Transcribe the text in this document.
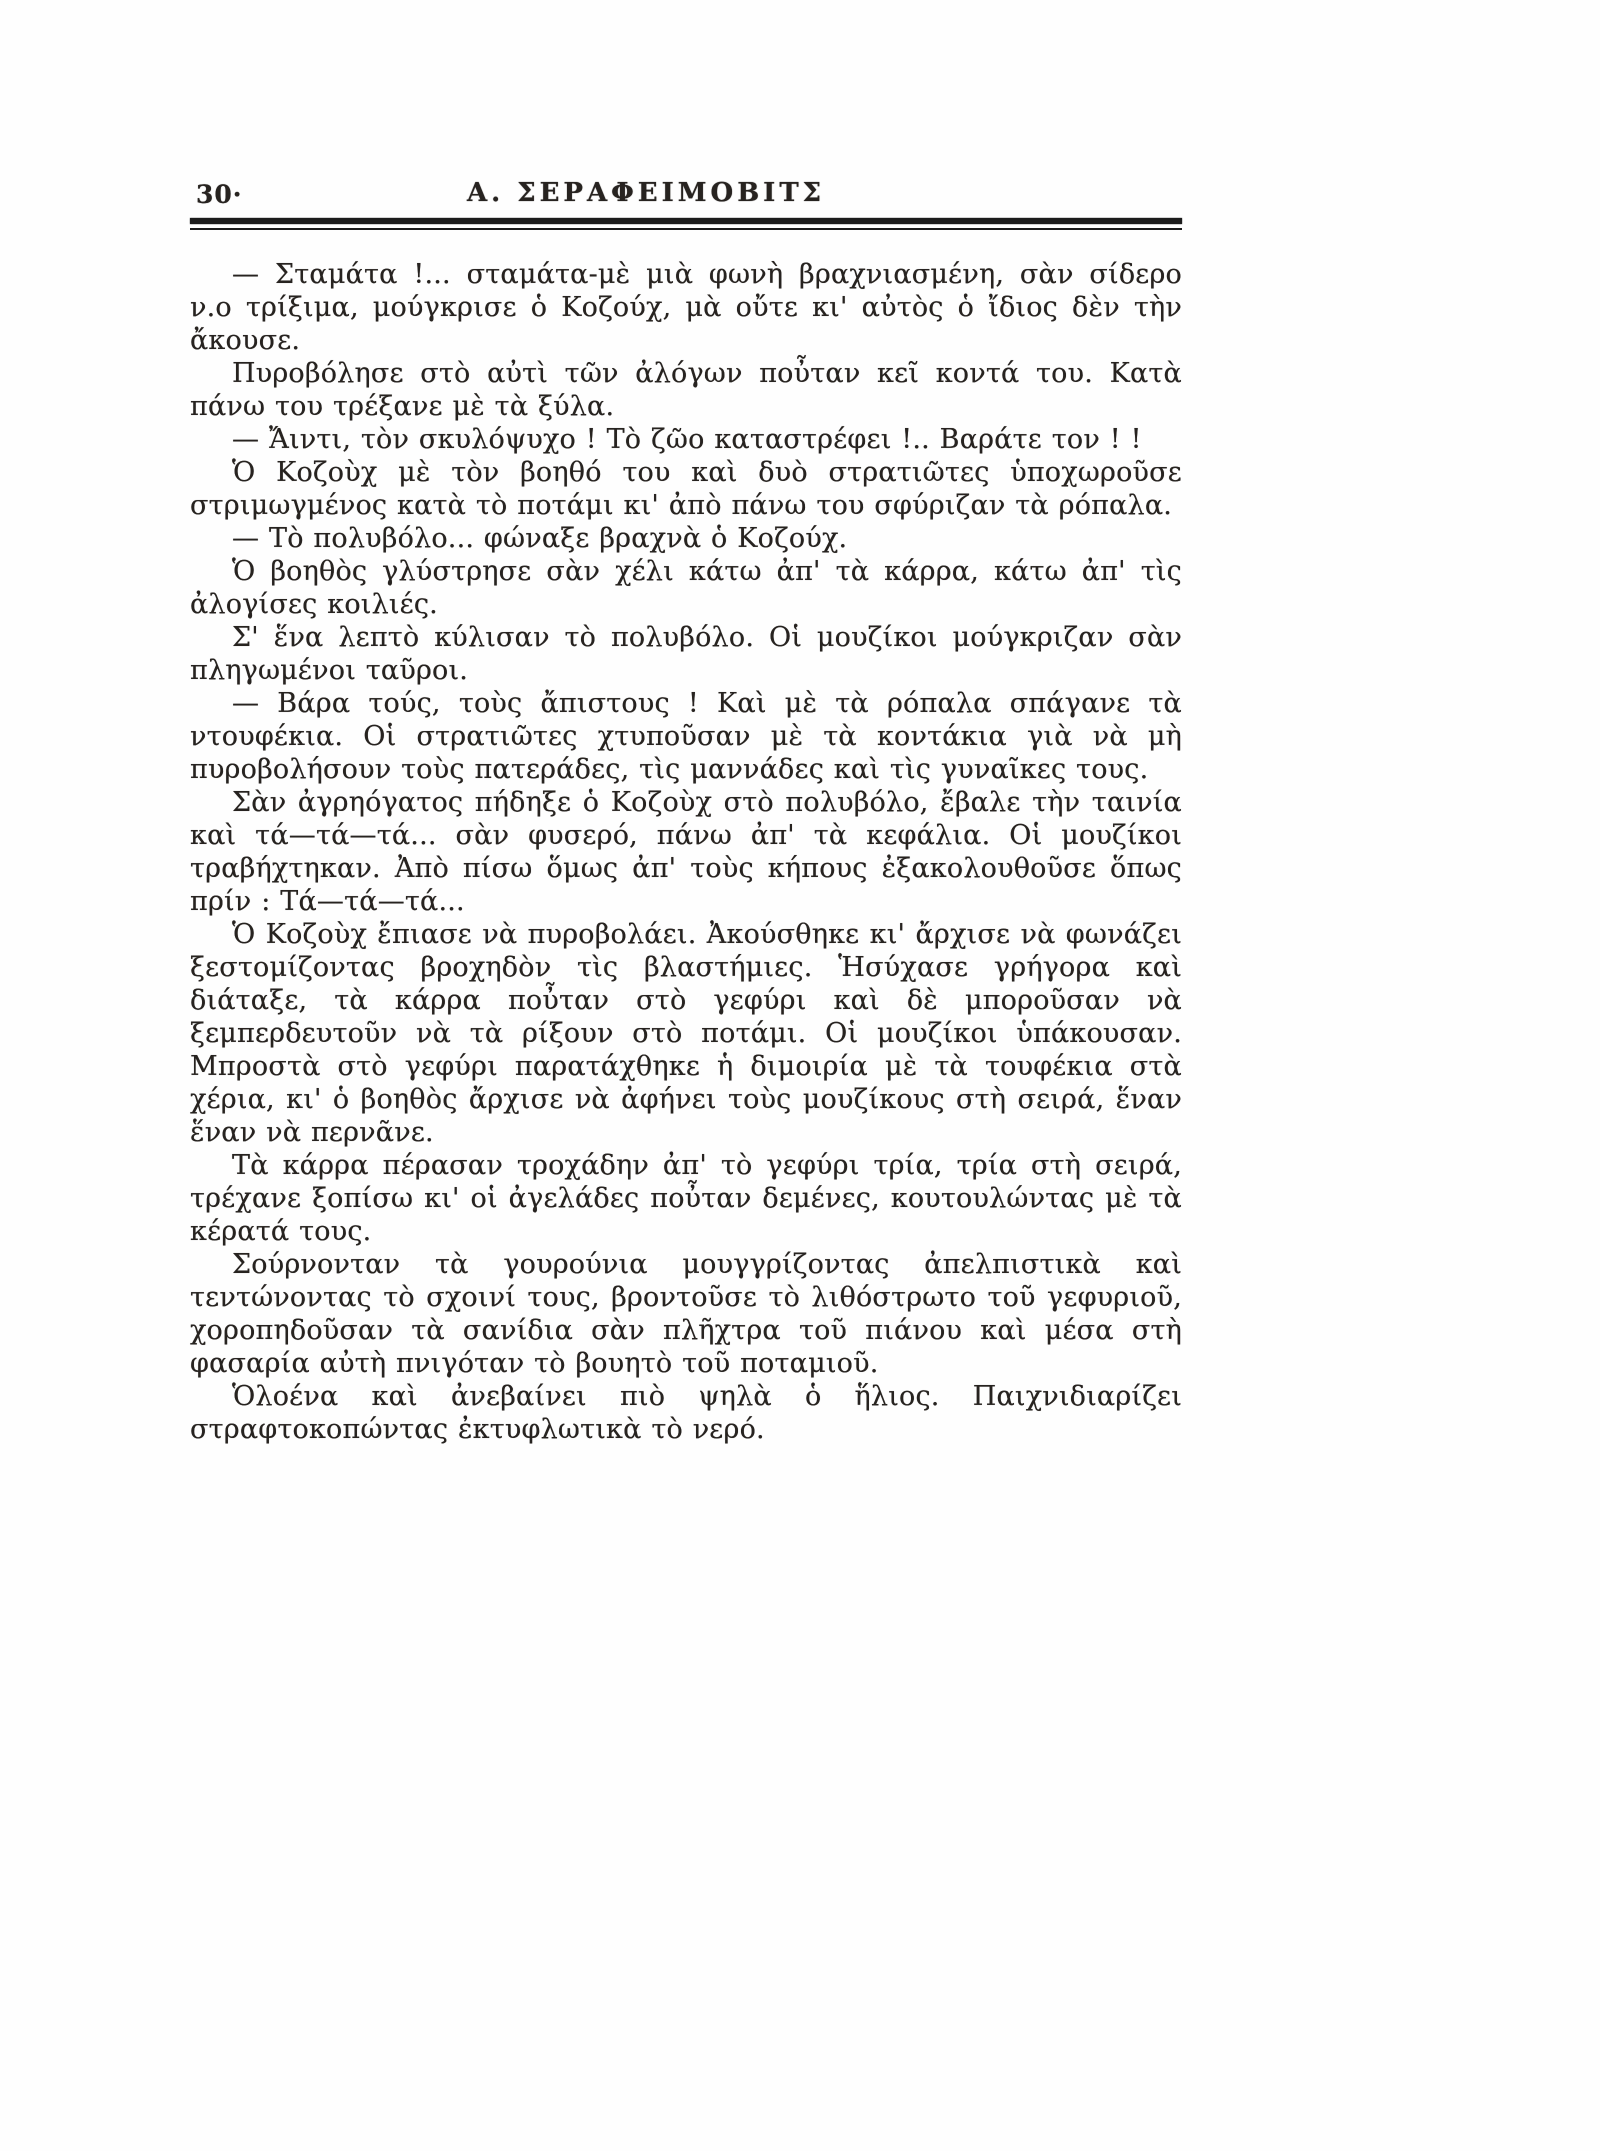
30·	Α. ΣΕΡΑΦΕΙΜΟΒΙΤΣ

— Σταμάτα !... σταμάτα-μὲ μιὰ φωνὴ βραχνιασμένη, σὰν σίδερο ν.ο τρίξιμα, μούγκρισε ὁ Κοζούχ, μὰ οὔτε κι' αὐτὸς ὁ ἴδιος δὲν τὴν ἄκουσε.

Πυροβόλησε στὸ αὐτὶ τῶν ἀλόγων ποὖταν κεῖ κοντά του. Κατὰ πάνω του τρέξανε μὲ τὰ ξύλα.

— Ἄιντι, τὸν σκυλόψυχο ! Τὸ ζῶο καταστρέφει !.. Βαράτε τον ! !

Ὁ Κοζοὺχ μὲ τὸν βοηθό του καὶ δυὸ στρατιῶτες ὑποχωροῦσε στριμωγμένος κατὰ τὸ ποτάμι κι' ἀπὸ πάνω του σφύριζαν τὰ ρόπαλα.

— Τὸ πολυβόλο... φώναξε βραχνὰ ὁ Κοζούχ.

Ὁ βοηθὸς γλύστρησε σὰν χέλι κάτω ἀπ' τὰ κάρρα, κάτω ἀπ' τὶς ἀλογίσες κοιλιές.

Σ' ἕνα λεπτὸ κύλισαν τὸ πολυβόλο. Οἱ μουζίκοι μούγκριζαν σὰν πληγωμένοι ταῦροι.

— Βάρα τούς, τοὺς ἄπιστους ! Καὶ μὲ τὰ ρόπαλα σπάγανε τὰ ντουφέκια. Οἱ στρατιῶτες χτυποῦσαν μὲ τὰ κοντάκια γιὰ νὰ μὴ πυροβολήσουν τοὺς πατεράδες, τὶς μαννάδες καὶ τὶς γυναῖκες τους.

Σὰν ἀγρηόγατος πήδηξε ὁ Κοζοὺχ στὸ πολυβόλο, ἔβαλε τὴν ταινία καὶ τά—τά—τά... σὰν φυσερό, πάνω ἀπ' τὰ κεφάλια. Οἱ μουζίκοι τραβήχτηκαν. Ἀπὸ πίσω ὅμως ἀπ' τοὺς κήπους ἐξακολουθοῦσε ὅπως πρίν : Τά—τά—τά...

Ὁ Κοζοὺχ ἔπιασε νὰ πυροβολάει. Ἀκούσθηκε κι' ἄρχισε νὰ φωνάζει ξεστομίζοντας βροχηδὸν τὶς βλαστήμιες. Ἡσύχασε γρήγορα καὶ διάταξε, τὰ κάρρα ποὖταν στὸ γεφύρι καὶ δὲ μποροῦσαν νὰ ξεμπερδευτοῦν νὰ τὰ ρίξουν στὸ ποτάμι. Οἱ μουζίκοι ὑπάκουσαν. Μπροστὰ στὸ γεφύρι παρατάχθηκε ἡ διμοιρία μὲ τὰ τουφέκια στὰ χέρια, κι' ὁ βοηθὸς ἄρχισε νὰ ἀφήνει τοὺς μουζίκους στὴ σειρά, ἕναν ἕναν νὰ περνᾶνε.

Τὰ κάρρα πέρασαν τροχάδην ἀπ' τὸ γεφύρι τρία, τρία στὴ σειρά, τρέχανε ξοπίσω κι' οἱ ἀγελάδες ποὖταν δεμένες, κουτουλώντας μὲ τὰ κέρατά τους.

Σούρνονταν τὰ γουρούνια μουγγρίζοντας ἀπελπιστικὰ καὶ τεντώνοντας τὸ σχοινί τους, βροντοῦσε τὸ λιθόστρωτο τοῦ γεφυριοῦ, χοροπηδοῦσαν τὰ σανίδια σὰν πλῆχτρα τοῦ πιάνου καὶ μέσα στὴ φασαρία αὐτὴ πνιγόταν τὸ βουητὸ τοῦ ποταμιοῦ.

Ὁλοένα καὶ ἀνεβαίνει πιὸ ψηλὰ ὁ ἥλιος. Παιχνιδιαρίζει στραφτοκοπώντας ἐκτυφλωτικὰ τὸ νερό.
